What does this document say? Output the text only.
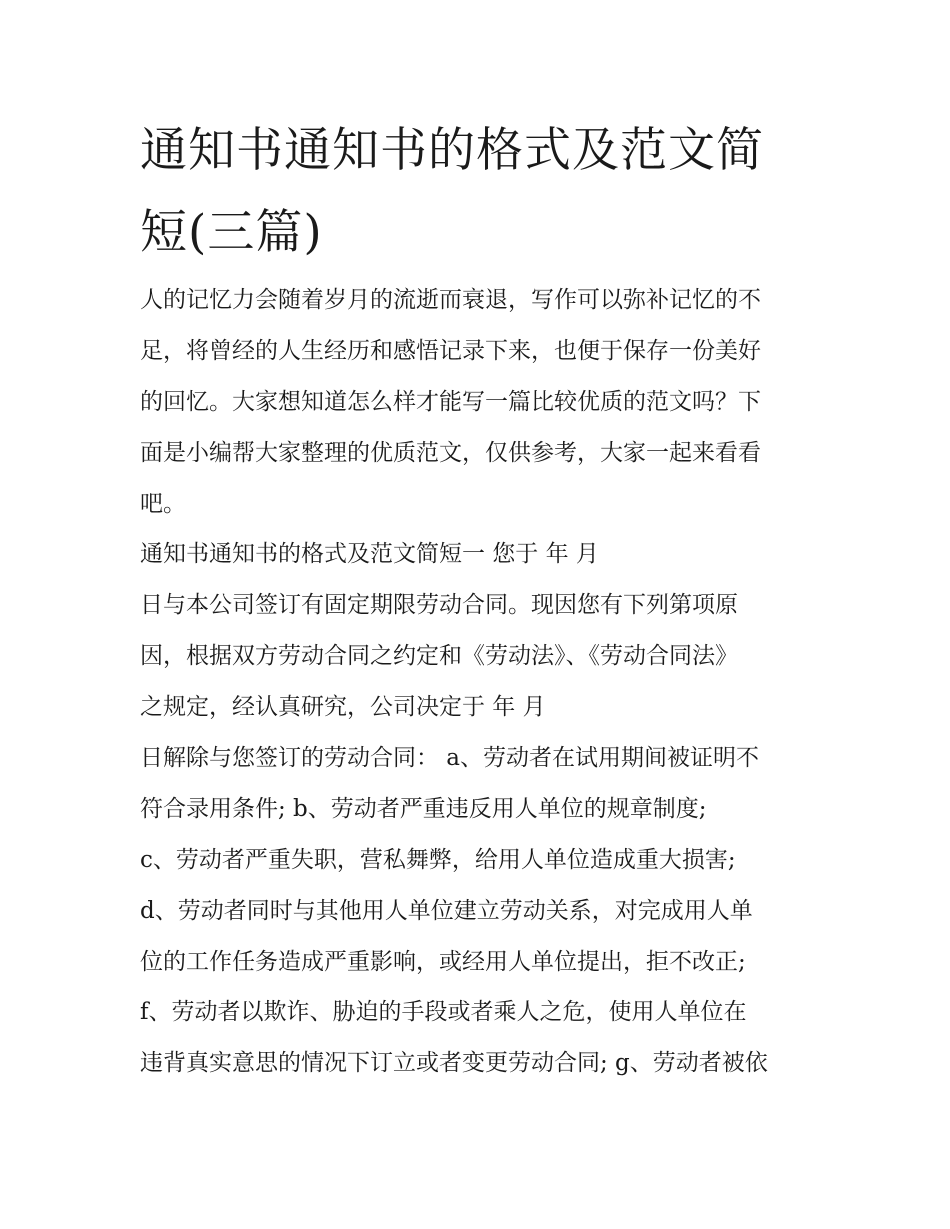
通知书通知书的格式及范文简
短(三篇)

人的记忆力会随着岁月的流逝而衰退，写作可以弥补记忆的不

足，将曾经的人生经历和感悟记录下来，也便于保存一份美好

的回忆。大家想知道怎么样才能写一篇比较优质的范文吗？下

面是小编帮大家整理的优质范文，仅供参考，大家一起来看看

吧。

通知书通知书的格式及范文简短一 您于 年 月

日与本公司签订有固定期限劳动合同。现因您有下列第项原

因，根据双方劳动合同之约定和《劳动法》、《劳动合同法》

之规定，经认真研究，公司决定于 年 月

日解除与您签订的劳动合同： a、劳动者在试用期间被证明不

符合录用条件; b、劳动者严重违反用人单位的规章制度;

c、劳动者严重失职，营私舞弊，给用人单位造成重大损害;

d、劳动者同时与其他用人单位建立劳动关系，对完成用人单

位的工作任务造成严重影响，或经用人单位提出，拒不改正;

f、劳动者以欺诈、胁迫的手段或者乘人之危，使用人单位在

违背真实意思的情况下订立或者变更劳动合同; g、劳动者被依
